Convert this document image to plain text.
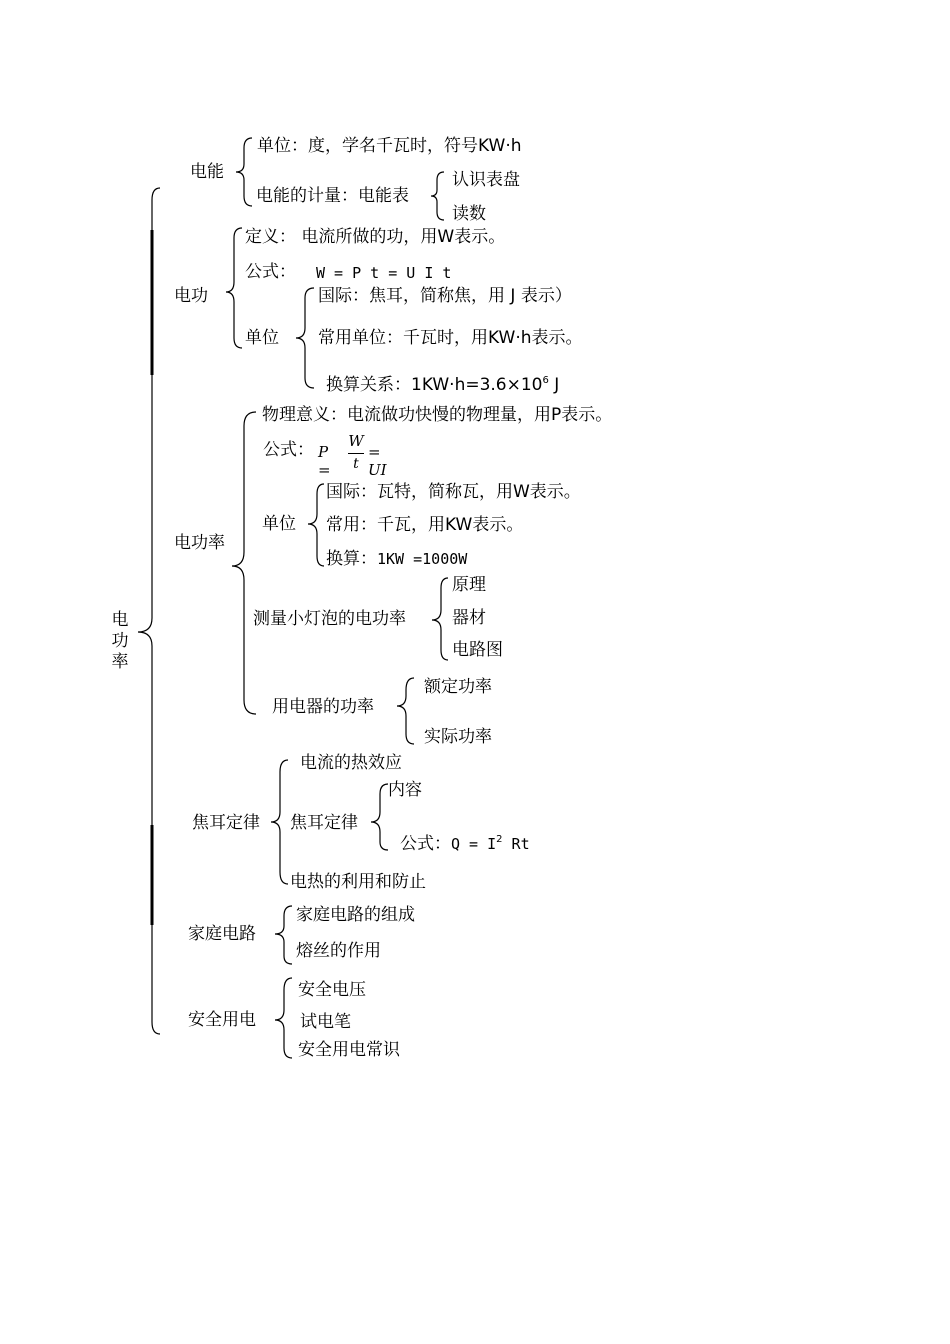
电功率
电能
单位：度，学名千瓦时，符号KW·h
电能的计量：电能表
认识表盘
读数
电功
定义： 电流所做的功，用W表示。
公式： W = P t = U I t
单位
国际：焦耳，简称焦，用 J 表示）
常用单位：千瓦时，用KW·h表示。
换算关系：$1KW\cdot h=3.6\times 10^6$ J
电功率
物理意义：电流做功快慢的物理量，用P表示。
公式： P =
W
t
= UI
单位
国际：瓦特，简称瓦，用W表示。
常用：千瓦，用KW表示。
换算：1KW =1000W
测量小灯泡的电功率
原理
器材
电路图
用电器的功率
额定功率
实际功率
焦耳定律
电流的热效应
焦耳定律
内容
公式：$Q = I^2$ Rt
电热的利用和防止
家庭电路
家庭电路的组成
熔丝的作用
安全用电
安全电压
试电笔
安全用电常识
